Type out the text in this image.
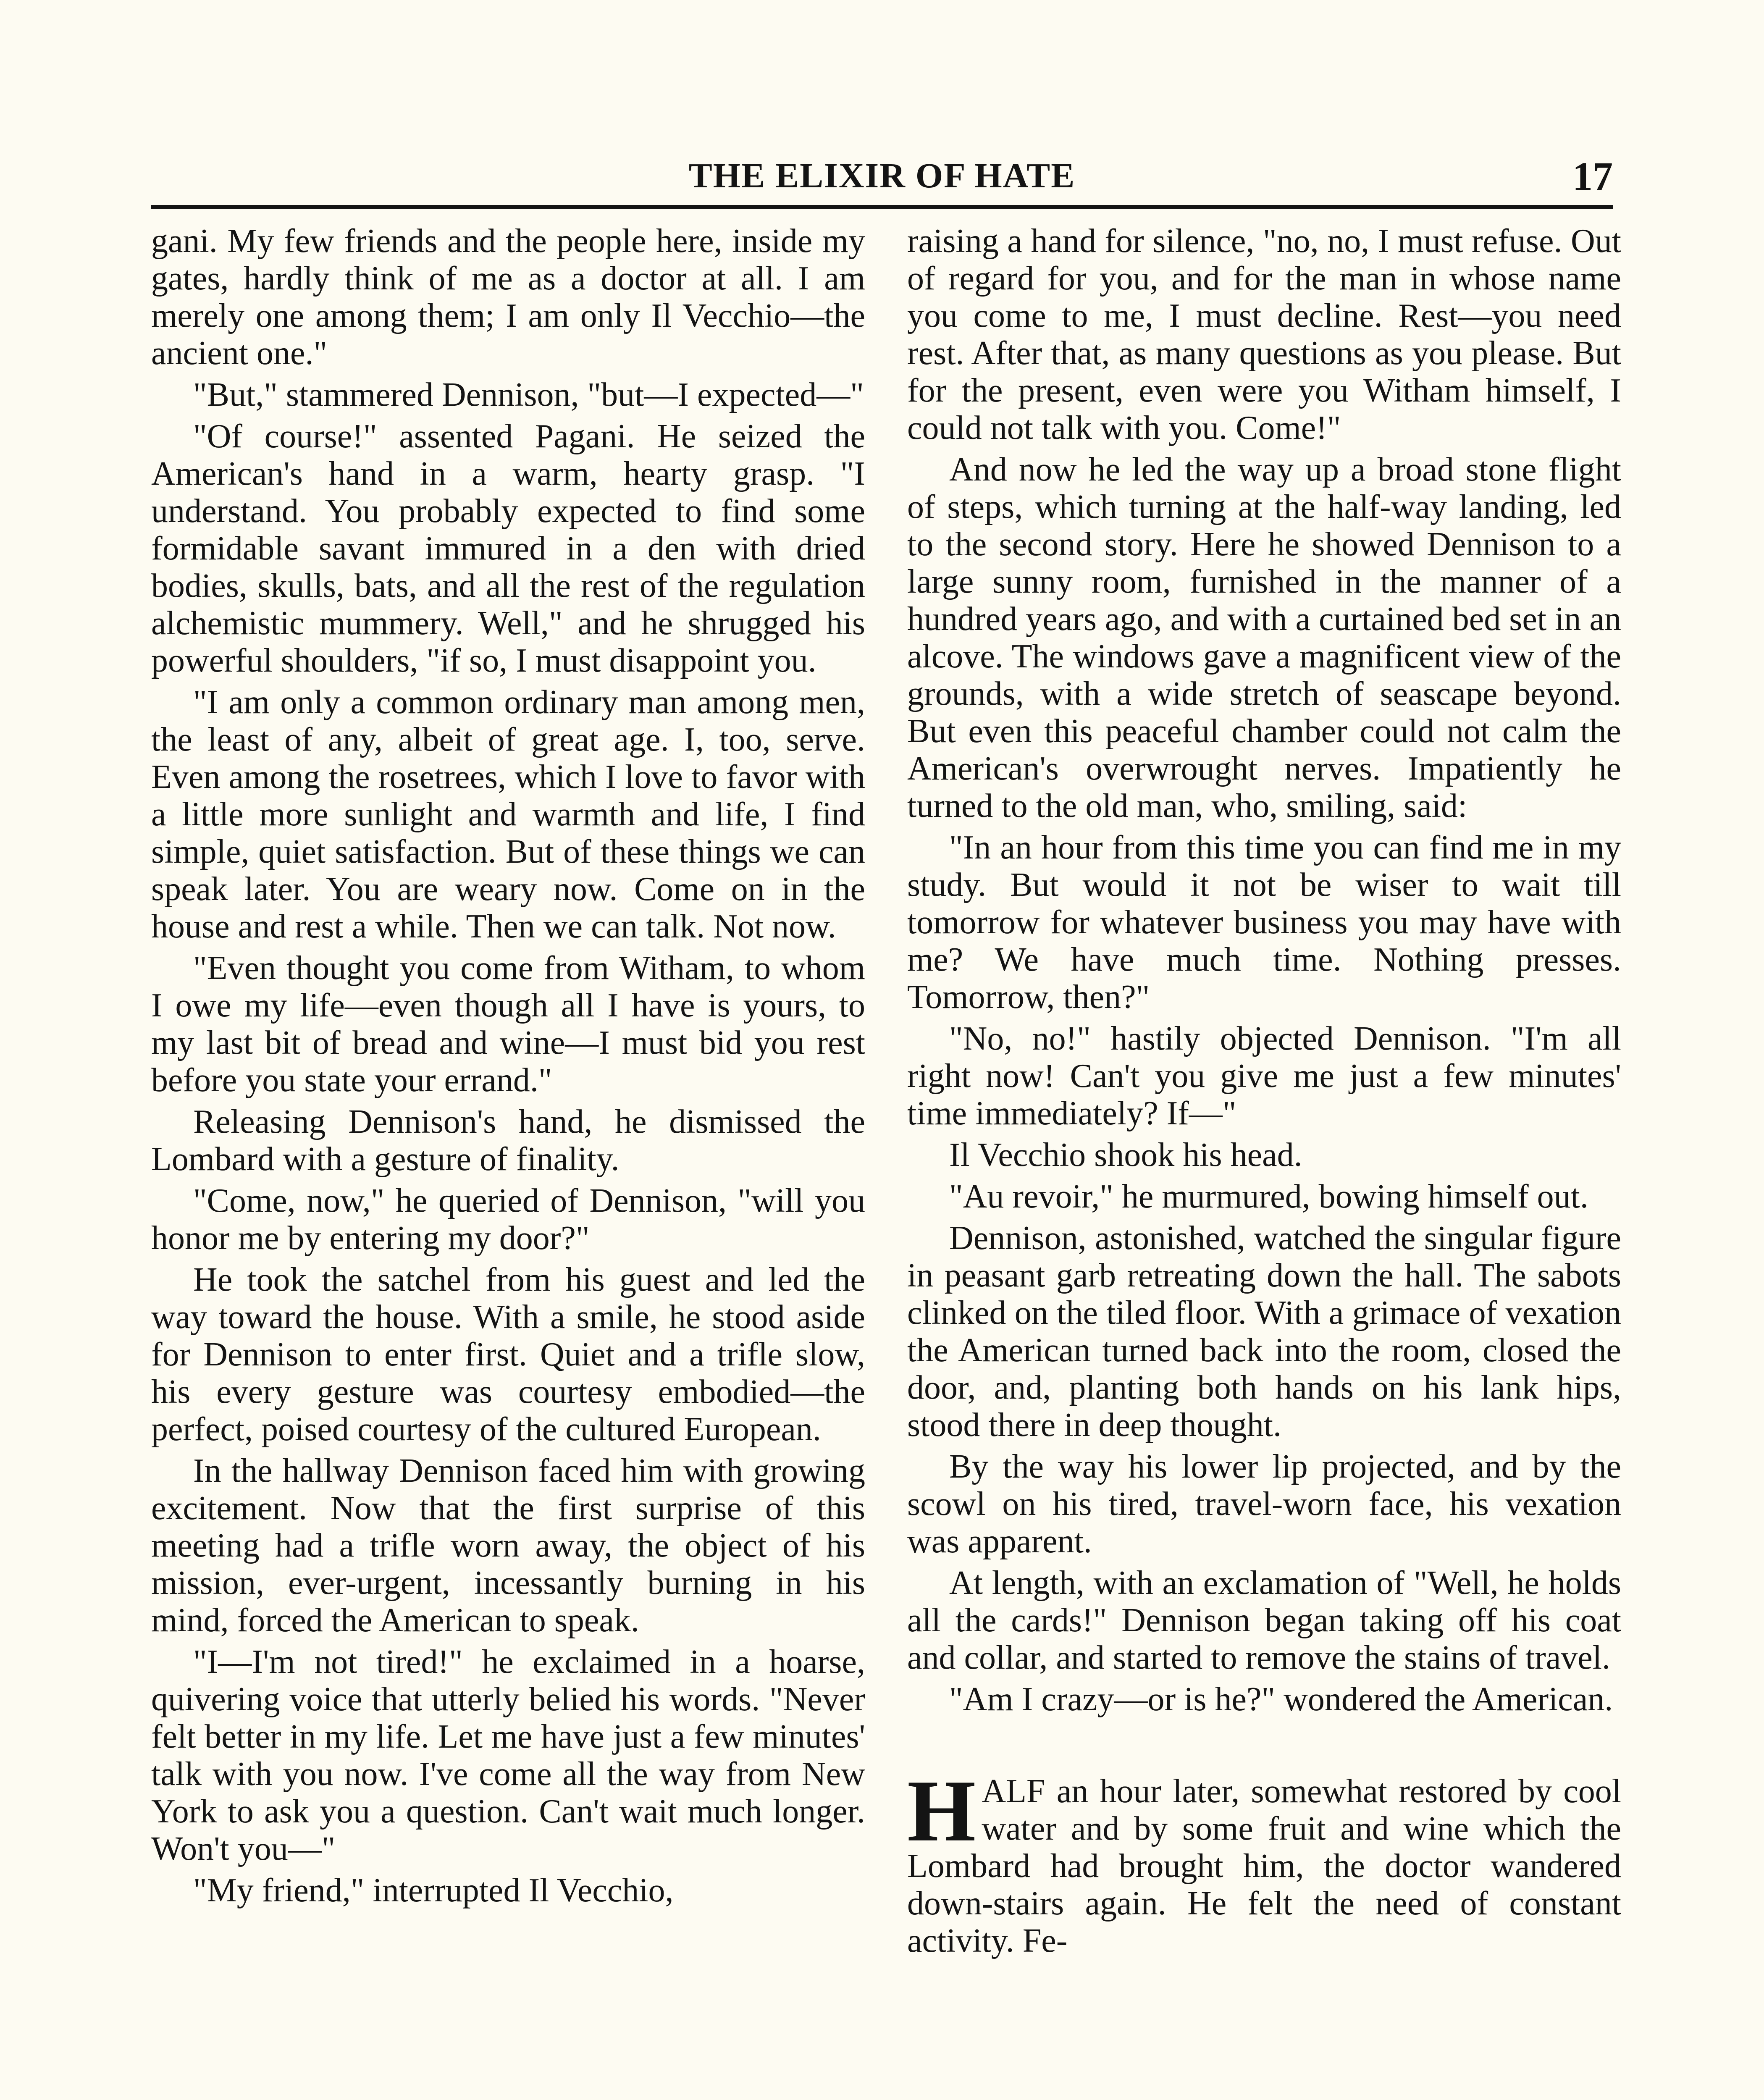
THE ELIXIR OF HATE	17

gani. My few friends and the people here, inside my gates, hardly think of me as a doctor at all. I am merely one among them; I am only Il Vecchio—the ancient one."

"But," stammered Dennison, "but—I expected—"

"Of course!" assented Pagani. He seized the American's hand in a warm, hearty grasp. "I understand. You probably expected to find some formidable savant immured in a den with dried bodies, skulls, bats, and all the rest of the regulation alchemistic mummery. Well," and he shrugged his powerful shoulders, "if so, I must disappoint you.

"I am only a common ordinary man among men, the least of any, albeit of great age. I, too, serve. Even among the rosetrees, which I love to favor with a little more sunlight and warmth and life, I find simple, quiet satisfaction. But of these things we can speak later. You are weary now. Come on in the house and rest a while. Then we can talk. Not now.

"Even thought you come from Witham, to whom I owe my life—even though all I have is yours, to my last bit of bread and wine—I must bid you rest before you state your errand."

Releasing Dennison's hand, he dismissed the Lombard with a gesture of finality.

"Come, now," he queried of Dennison, "will you honor me by entering my door?"

He took the satchel from his guest and led the way toward the house. With a smile, he stood aside for Dennison to enter first. Quiet and a trifle slow, his every gesture was courtesy embodied—the perfect, poised courtesy of the cultured European.

In the hallway Dennison faced him with growing excitement. Now that the first surprise of this meeting had a trifle worn away, the object of his mission, ever-urgent, incessantly burning in his mind, forced the American to speak.

"I—I'm not tired!" he exclaimed in a hoarse, quivering voice that utterly belied his words. "Never felt better in my life. Let me have just a few minutes' talk with you now. I've come all the way from New York to ask you a question. Can't wait much longer. Won't you—"

"My friend," interrupted Il Vecchio,

raising a hand for silence, "no, no, I must refuse. Out of regard for you, and for the man in whose name you come to me, I must decline. Rest—you need rest. After that, as many questions as you please. But for the present, even were you Witham himself, I could not talk with you. Come!"

And now he led the way up a broad stone flight of steps, which turning at the half-way landing, led to the second story. Here he showed Dennison to a large sunny room, furnished in the manner of a hundred years ago, and with a curtained bed set in an alcove. The windows gave a magnificent view of the grounds, with a wide stretch of seascape beyond. But even this peaceful chamber could not calm the American's overwrought nerves. Impatiently he turned to the old man, who, smiling, said:

"In an hour from this time you can find me in my study. But would it not be wiser to wait till tomorrow for whatever business you may have with me? We have much time. Nothing presses. Tomorrow, then?"

"No, no!" hastily objected Dennison. "I'm all right now! Can't you give me just a few minutes' time immediately? If—"

Il Vecchio shook his head.

"Au revoir," he murmured, bowing himself out.

Dennison, astonished, watched the singular figure in peasant garb retreating down the hall. The sabots clinked on the tiled floor. With a grimace of vexation the American turned back into the room, closed the door, and, planting both hands on his lank hips, stood there in deep thought.

By the way his lower lip projected, and by the scowl on his tired, travel-worn face, his vexation was apparent.

At length, with an exclamation of "Well, he holds all the cards!" Dennison began taking off his coat and collar, and started to remove the stains of travel.

"Am I crazy—or is he?" wondered the American.

HALF an hour later, somewhat restored by cool water and by some fruit and wine which the Lombard had brought him, the doctor wandered down-stairs again. He felt the need of constant activity. Fe-
